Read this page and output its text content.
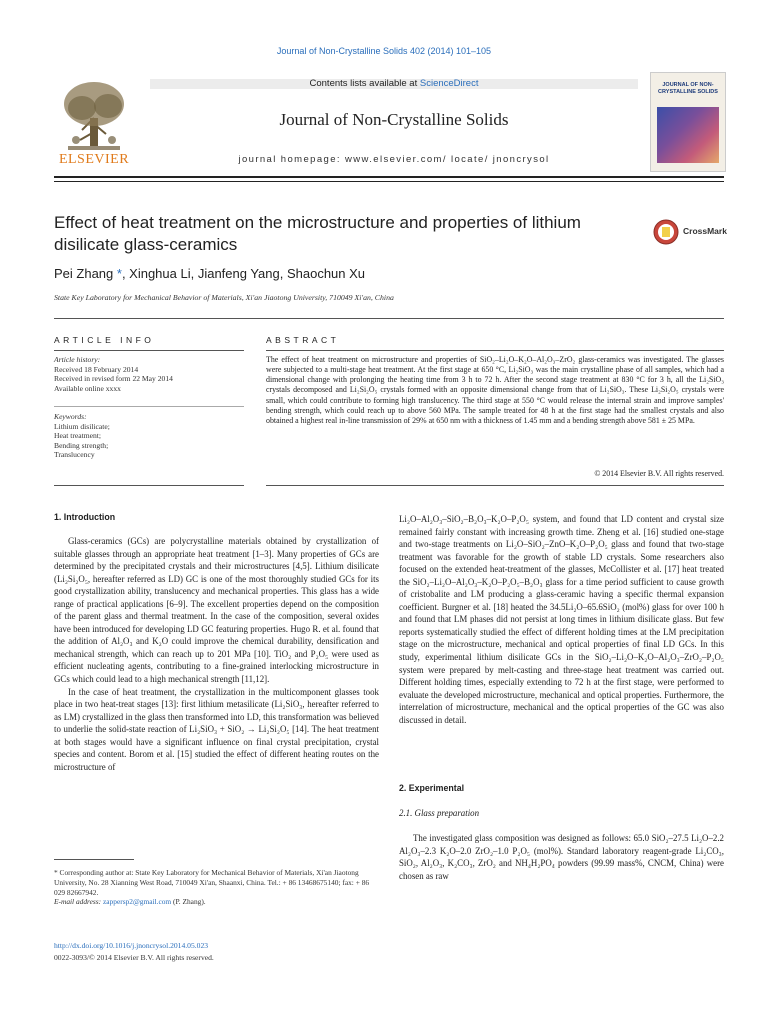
Journal of Non-Crystalline Solids 402 (2014) 101–105
Contents lists available at ScienceDirect
Journal of Non-Crystalline Solids
journal homepage: www.elsevier.com/ locate/ jnoncrysol
ELSEVIER
JOURNAL OF NON-CRYSTALLINE SOLIDS
Effect of heat treatment on the microstructure and properties of lithium disilicate glass-ceramics
CrossMark
Pei Zhang *, Xinghua Li, Jianfeng Yang, Shaochun Xu
State Key Laboratory for Mechanical Behavior of Materials, Xi'an Jiaotong University, 710049 Xi'an, China
ARTICLE INFO
Article history:
Received 18 February 2014
Received in revised form 22 May 2014
Available online xxxx
Keywords:
Lithium disilicate;
Heat treatment;
Bending strength;
Translucency
ABSTRACT
The effect of heat treatment on microstructure and properties of SiO₂–Li₂O–K₂O–Al₂O₃–ZrO₂ glass-ceramics was investigated. The glasses were subjected to a multi-stage heat treatment. At the first stage at 650 °C, Li₂SiO₃ was the main crystalline phase of all samples, which had a dimensional change with prolonging the heating time from 3 h to 72 h. After the second stage treatment at 830 °C for 3 h, all the Li₂SiO₃ crystals decomposed and Li₂Si₂O₅ crystals formed with an opposite dimensional change from that of Li₂SiO₃. These Li₂Si₂O₅ crystals were small, which could contribute to forming high translucency. The third stage at 550 °C would release the internal strain and improve samples' bending strength, which could reach up to above 560 MPa. The sample treated for 48 h at the first stage had the smallest crystals and also obtained a highest real in-line transmission of 29% at 650 nm with a thickness of 1.45 mm and a bending strength above 581 ± 25 MPa.
© 2014 Elsevier B.V. All rights reserved.
1. Introduction

Glass-ceramics (GCs) are polycrystalline materials obtained by crystallization of suitable glasses through an appropriate heat treatment [1–3]. Many properties of GCs are determined by the precipitated crystals and their microstructures [4,5]. Lithium disilicate (Li₂Si₂O₅, hereafter referred as LD) GC is one of the most thoroughly studied GCs for its good crystallization ability, translucency and mechanical properties. This glass has a wide range of practical applications [6–9]. The excellent properties depend on the composition of the parent glass and thermal treatment. In the case of the composition, several oxides have been introduced for developing LD GC featuring properties. Hugo R. et al. found that the addition of Al₂O₃ and K₂O could improve the chemical durability, densification and mechanical strength, which can reach up to 201 MPa [10]. TiO₂ and P₂O₅ were used as efficient nucleating agents, contributing to a fine-grained interlocking microstructure in GCs which could lead to a high mechanical strength [11,12].

In the case of heat treatment, the crystallization in the multicomponent glasses took place in two heat-treat stages [13]: first lithium metasilicate (Li₂SiO₃, hereafter referred to as LM) crystallized in the glass then transformed into LD, this transformation was believed to underlie the solid-state reaction of Li₂SiO₃ + SiO₂ → Li₂Si₂O₅ [14]. The heat treatment at both stages would have a significant influence on final crystal precipitation, crystal species and content. Borom et al. [15] studied the effect of different heating routes on the microstructure of

Li₂O–Al₂O₃–SiO₂–B₂O₃–K₂O–P₂O₅ system, and found that LD content and crystal size remained fairly constant with increasing growth time. Zheng et al. [16] studied one-stage and two-stage treatments on Li₂O–SiO₂–ZnO–K₂O–P₂O₅ glass and found that two-stage treatment was favorable for the growth of stable LD crystals. Some researchers also focused on the extended heat-treatment of the glasses, McCollister et al. [17] heat treated the SiO₂–Li₂O–Al₂O₃–K₂O–P₂O₅–B₂O₃ glass for a time period sufficient to cause growth of cristobalite and LM producing a glass-ceramic having a specific thermal expansion coefficient. Burgner et al. [18] heated the 34.5Li₂O–65.6SiO₂ (mol%) glass for over 100 h and found that LM phases did not persist at long times in lithium disilicate glass. But few reports systematically studied the effect of different holding times at the LM precipitation stage on the microstructure, mechanical and optical properties of final LD GCs. In this study, experimental lithium disilicate GCs in the SiO₂–Li₂O–K₂O–Al₂O₃–ZrO₂–P₂O₅ system were prepared by melt-casting and three-stage heat treatment was carried out. Different holding times, especially extending to 72 h at the first stage, were performed to evaluate the developed microstructure, mechanical and optical properties. Furthermore, the interrelation of microstructure, mechanical and the optical properties of the GC was also discussed in detail.

2. Experimental
2.1. Glass preparation

The investigated glass composition was designed as follows: 65.0 SiO₂–27.5 Li₂O–2.2 Al₂O₃–2.3 K₂O–2.0 ZrO₂–1.0 P₂O₅ (mol%). Standard laboratory reagent-grade Li₂CO₃, SiO₂, Al₂O₃, K₂CO₃, ZrO₂ and NH₄H₂PO₄ powders (99.99 mass%, CNCM, China) were chosen as raw

* Corresponding author at: State Key Laboratory for Mechanical Behavior of Materials, Xi'an Jiaotong University, No. 28 Xianning West Road, 710049 Xi'an, Shaanxi, China. Tel.: + 86 13468675140; fax: + 86 029 82667942.
E-mail address: zappersp2@gmail.com (P. Zhang).
http://dx.doi.org/10.1016/j.jnoncrysol.2014.05.023
0022-3093/© 2014 Elsevier B.V. All rights reserved.
